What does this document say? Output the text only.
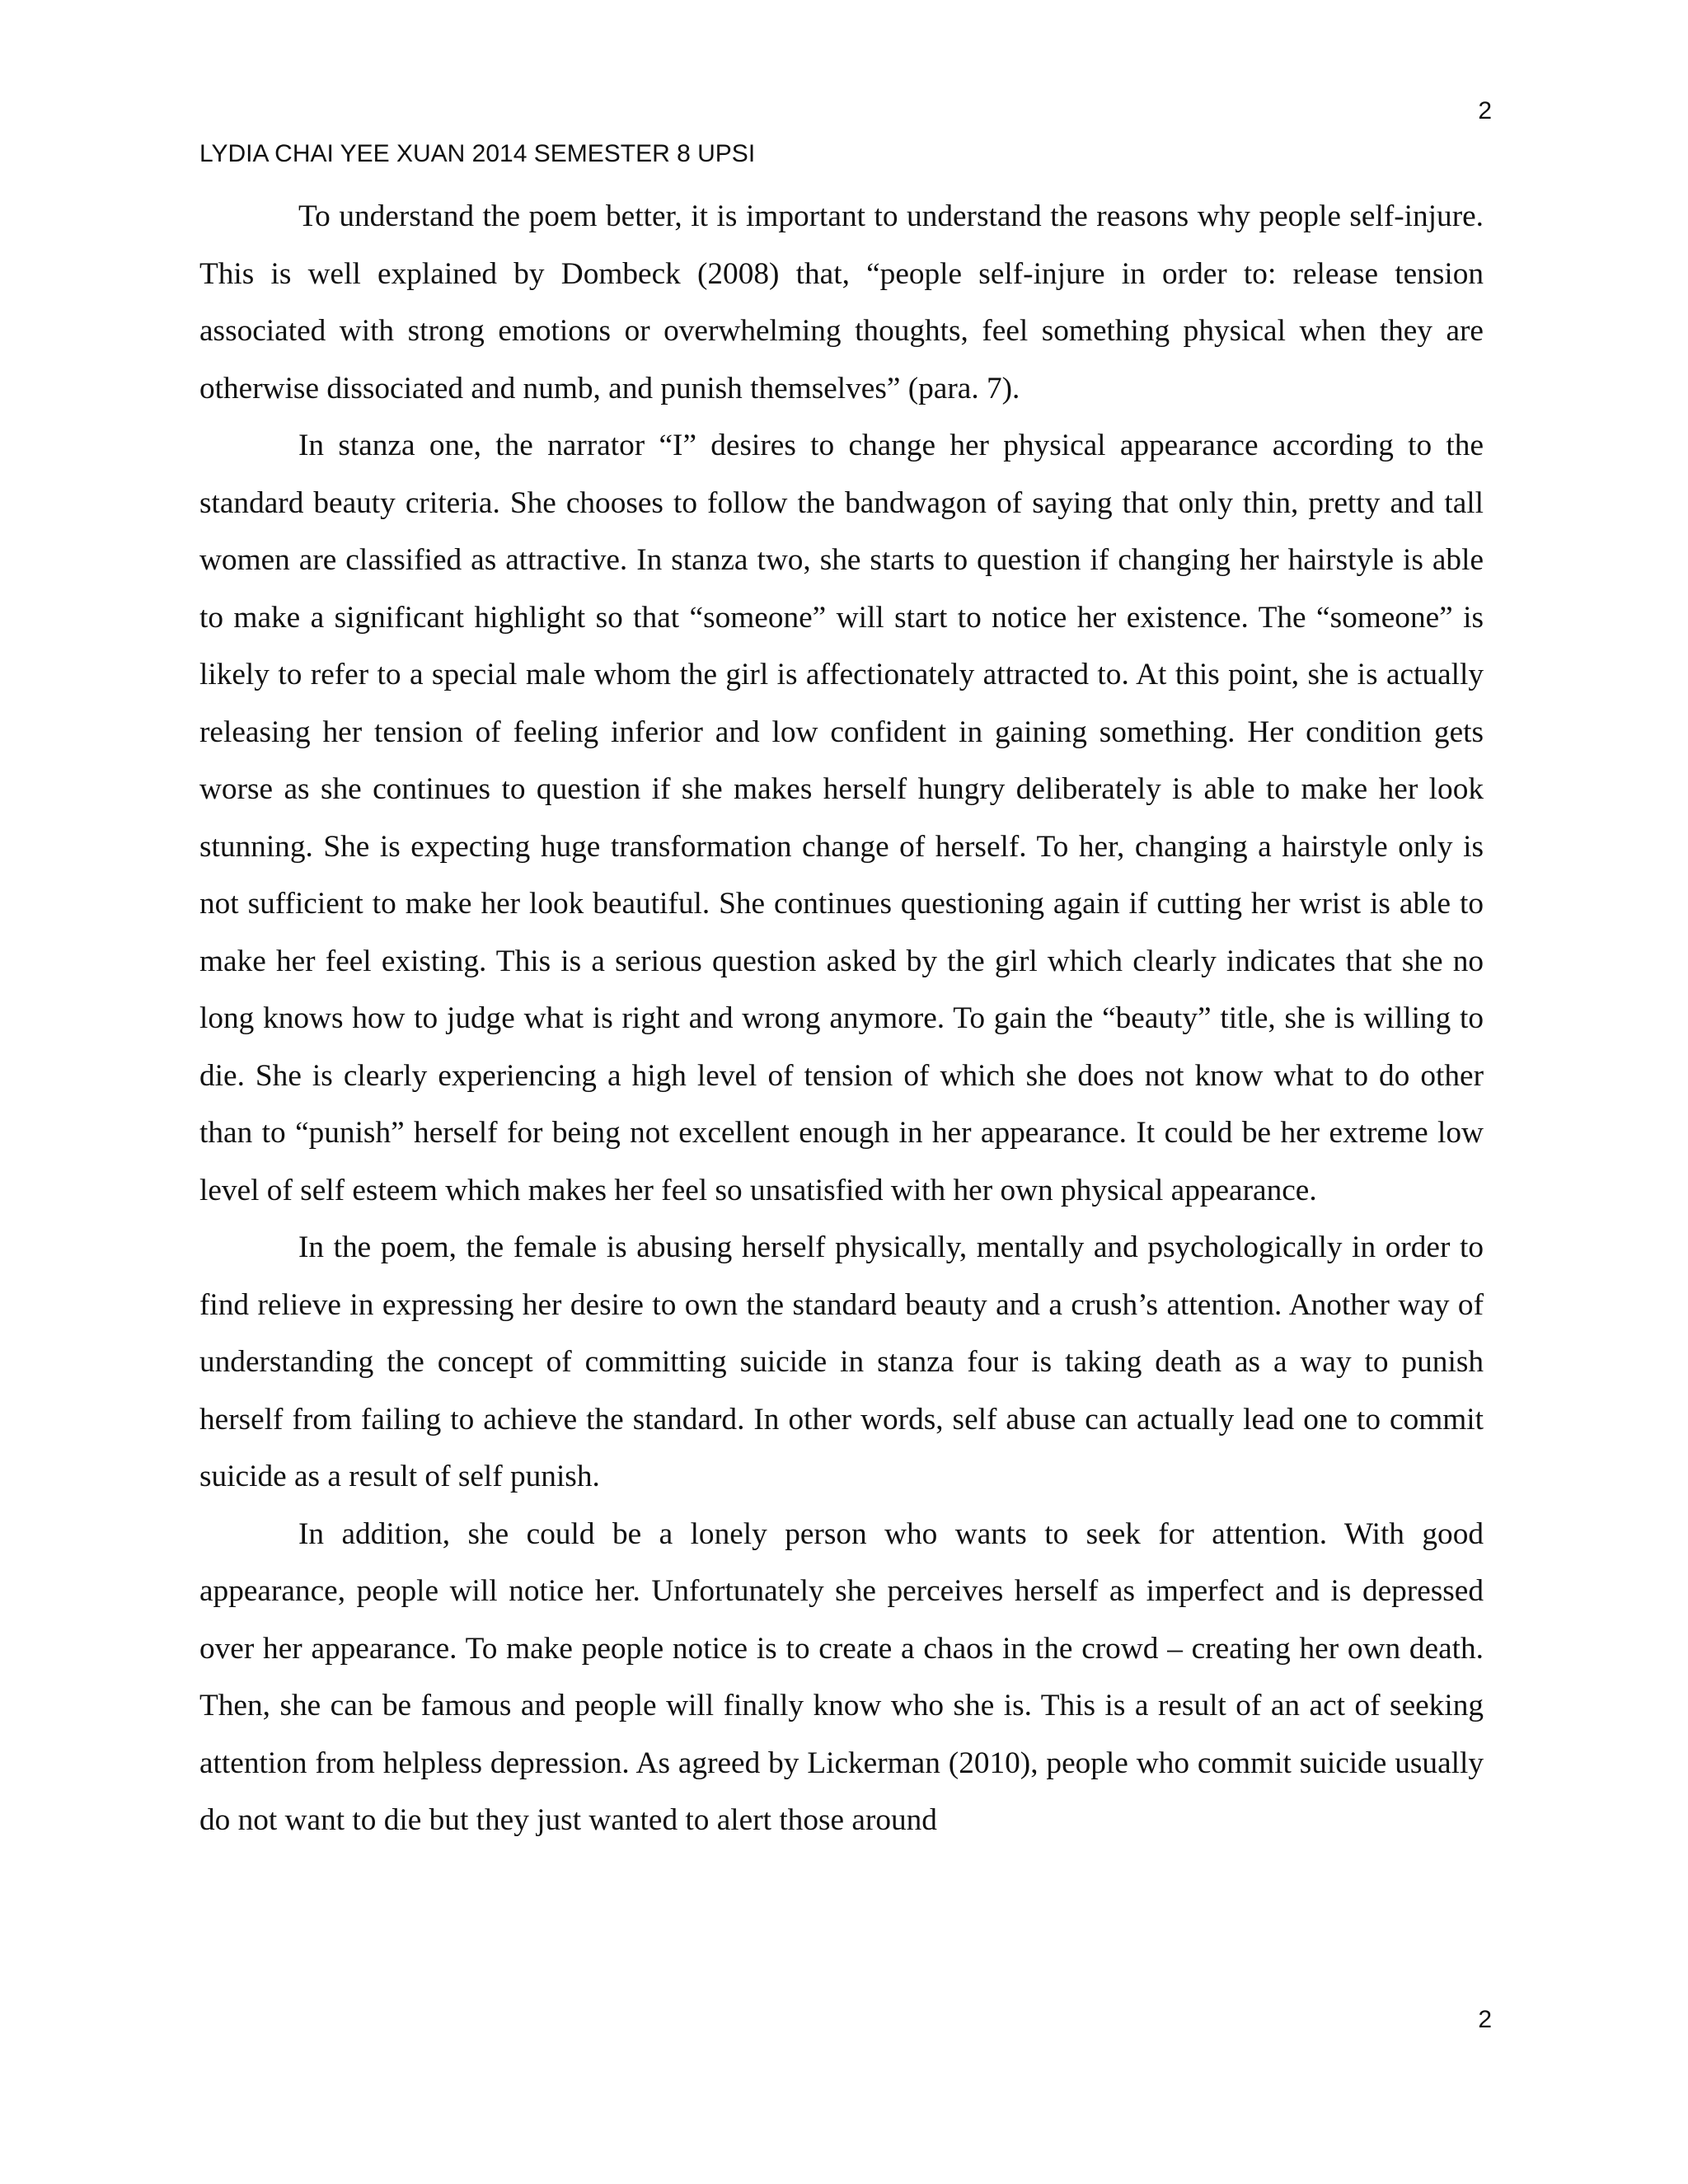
2
LYDIA CHAI YEE XUAN 2014 SEMESTER 8 UPSI

To understand the poem better, it is important to understand the reasons why people self-injure. This is well explained by Dombeck (2008) that, “people self-injure in order to: release tension associated with strong emotions or overwhelming thoughts, feel something physical when they are otherwise dissociated and numb, and punish themselves” (para. 7).

In stanza one, the narrator “I” desires to change her physical appearance according to the standard beauty criteria. She chooses to follow the bandwagon of saying that only thin, pretty and tall women are classified as attractive. In stanza two, she starts to question if changing her hairstyle is able to make a significant highlight so that “someone” will start to notice her existence. The “someone” is likely to refer to a special male whom the girl is affectionately attracted to. At this point, she is actually releasing her tension of feeling inferior and low confident in gaining something. Her condition gets worse as she continues to question if she makes herself hungry deliberately is able to make her look stunning. She is expecting huge transformation change of herself. To her, changing a hairstyle only is not sufficient to make her look beautiful. She continues questioning again if cutting her wrist is able to make her feel existing. This is a serious question asked by the girl which clearly indicates that she no long knows how to judge what is right and wrong anymore. To gain the “beauty” title, she is willing to die. She is clearly experiencing a high level of tension of which she does not know what to do other than to “punish” herself for being not excellent enough in her appearance. It could be her extreme low level of self esteem which makes her feel so unsatisfied with her own physical appearance.

In the poem, the female is abusing herself physically, mentally and psychologically in order to find relieve in expressing her desire to own the standard beauty and a crush’s attention. Another way of understanding the concept of committing suicide in stanza four is taking death as a way to punish herself from failing to achieve the standard. In other words, self abuse can actually lead one to commit suicide as a result of self punish.

In addition, she could be a lonely person who wants to seek for attention. With good appearance, people will notice her. Unfortunately she perceives herself as imperfect and is depressed over her appearance. To make people notice is to create a chaos in the crowd – creating her own death. Then, she can be famous and people will finally know who she is. This is a result of an act of seeking attention from helpless depression. As agreed by Lickerman (2010), people who commit suicide usually do not want to die but they just wanted to alert those around

2
